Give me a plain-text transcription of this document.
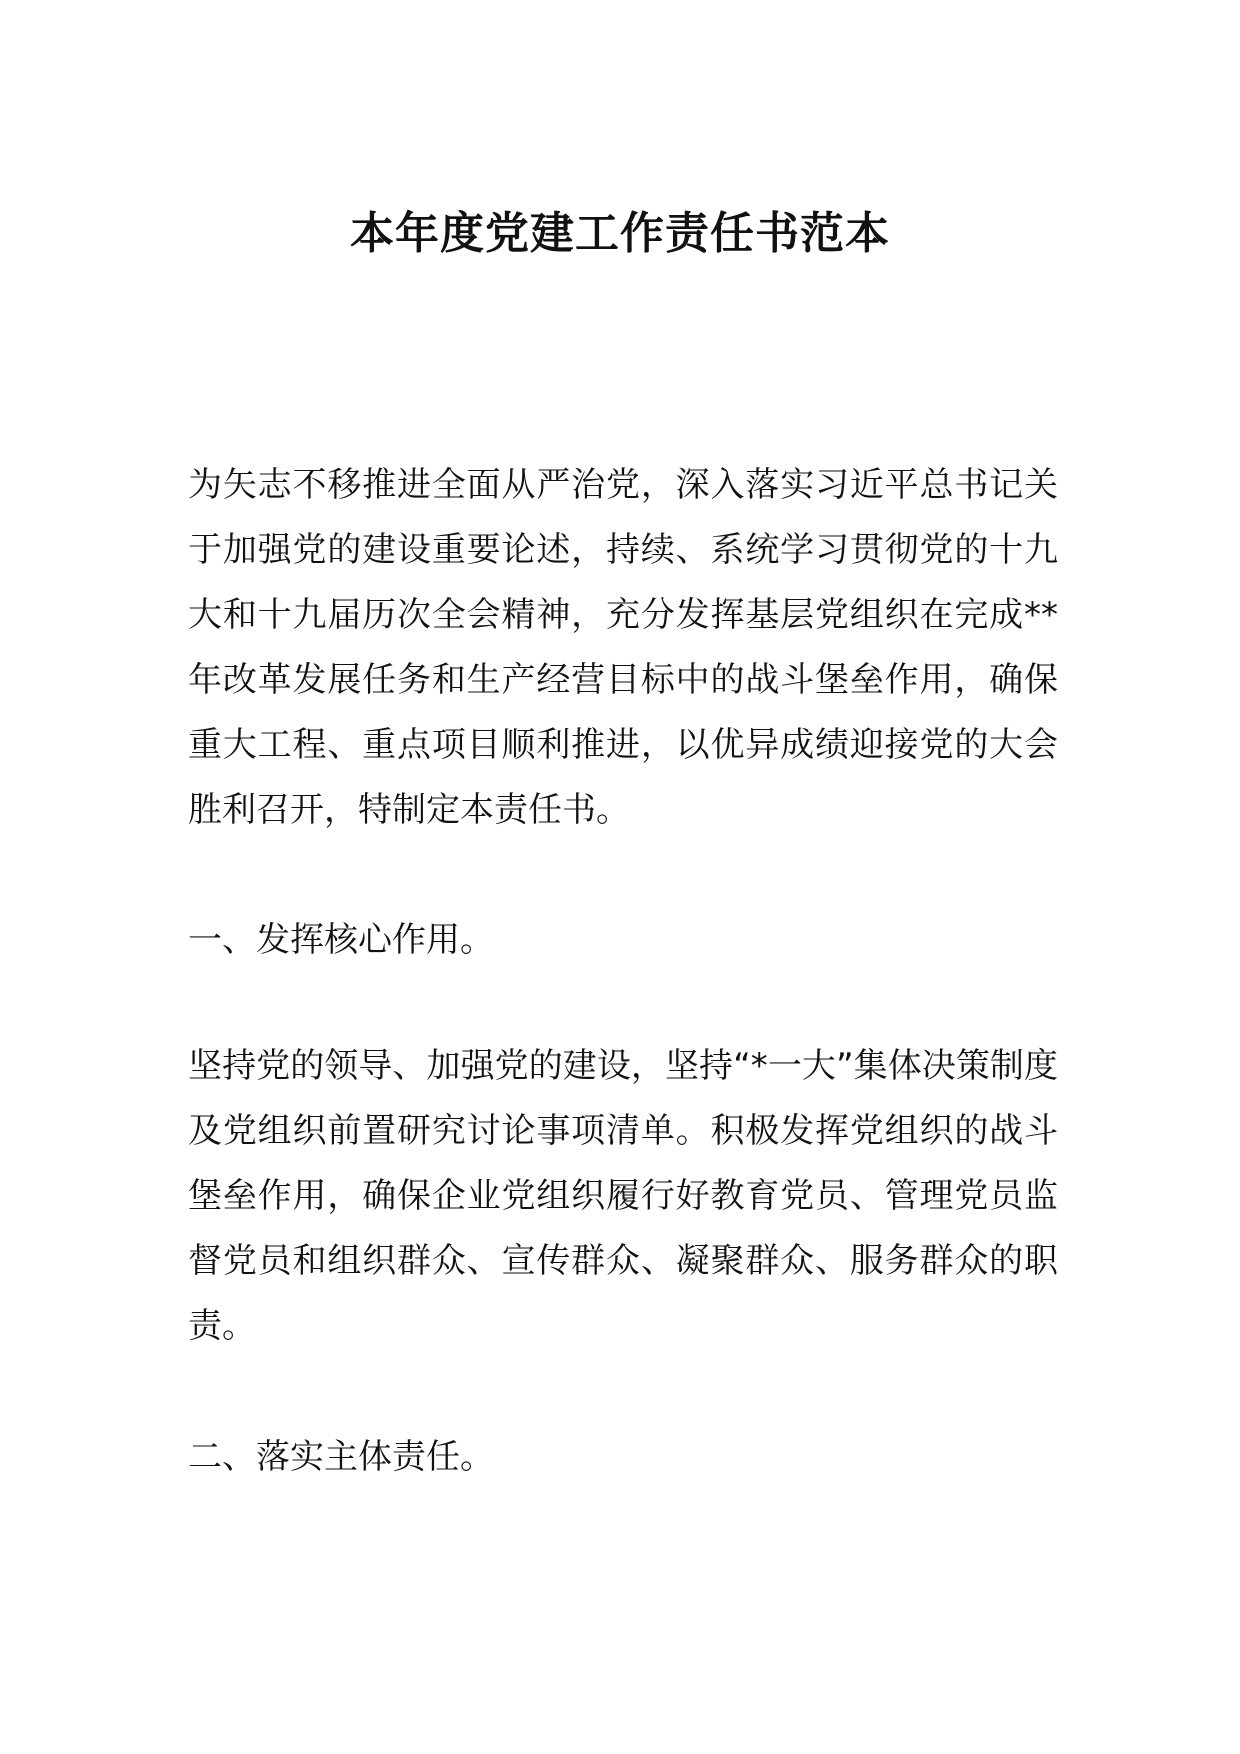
本年度党建工作责任书范本

为矢志不移推进全面从严治党，深入落实习近平总书记关于加强党的建设重要论述，持续、系统学习贯彻党的十九大和十九届历次全会精神，充分发挥基层党组织在完成**年改革发展任务和生产经营目标中的战斗堡垒作用，确保重大工程、重点项目顺利推进，以优异成绩迎接党的大会胜利召开，特制定本责任书。

一、发挥核心作用。

坚持党的领导、加强党的建设，坚持“*一大”集体决策制度及党组织前置研究讨论事项清单。积极发挥党组织的战斗堡垒作用，确保企业党组织履行好教育党员、管理党员监督党员和组织群众、宣传群众、凝聚群众、服务群众的职责。

二、落实主体责任。
